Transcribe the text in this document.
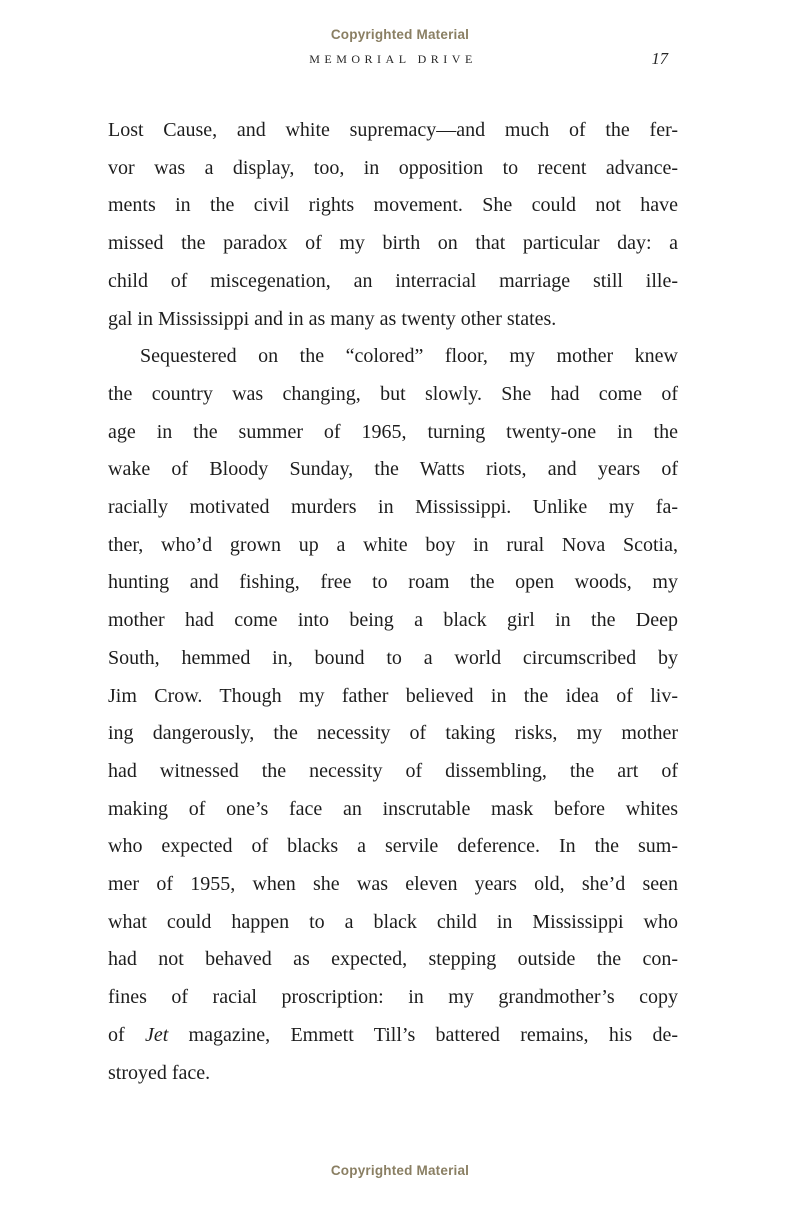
Copyrighted Material
MEMORIAL DRIVE	17
Lost Cause, and white supremacy—and much of the fer-
vor was a display, too, in opposition to recent advance-
ments in the civil rights movement. She could not have
missed the paradox of my birth on that particular day: a
child of miscegenation, an interracial marriage still ille-
gal in Mississippi and in as many as twenty other states.
Sequestered on the “colored” floor, my mother knew
the country was changing, but slowly. She had come of
age in the summer of 1965, turning twenty-one in the
wake of Bloody Sunday, the Watts riots, and years of
racially motivated murders in Mississippi. Unlike my fa-
ther, who’d grown up a white boy in rural Nova Scotia,
hunting and fishing, free to roam the open woods, my
mother had come into being a black girl in the Deep
South, hemmed in, bound to a world circumscribed by
Jim Crow. Though my father believed in the idea of liv-
ing dangerously, the necessity of taking risks, my mother
had witnessed the necessity of dissembling, the art of
making of one’s face an inscrutable mask before whites
who expected of blacks a servile deference. In the sum-
mer of 1955, when she was eleven years old, she’d seen
what could happen to a black child in Mississippi who
had not behaved as expected, stepping outside the con-
fines of racial proscription: in my grandmother’s copy
of Jet magazine, Emmett Till’s battered remains, his de-
stroyed face.
Copyrighted Material
